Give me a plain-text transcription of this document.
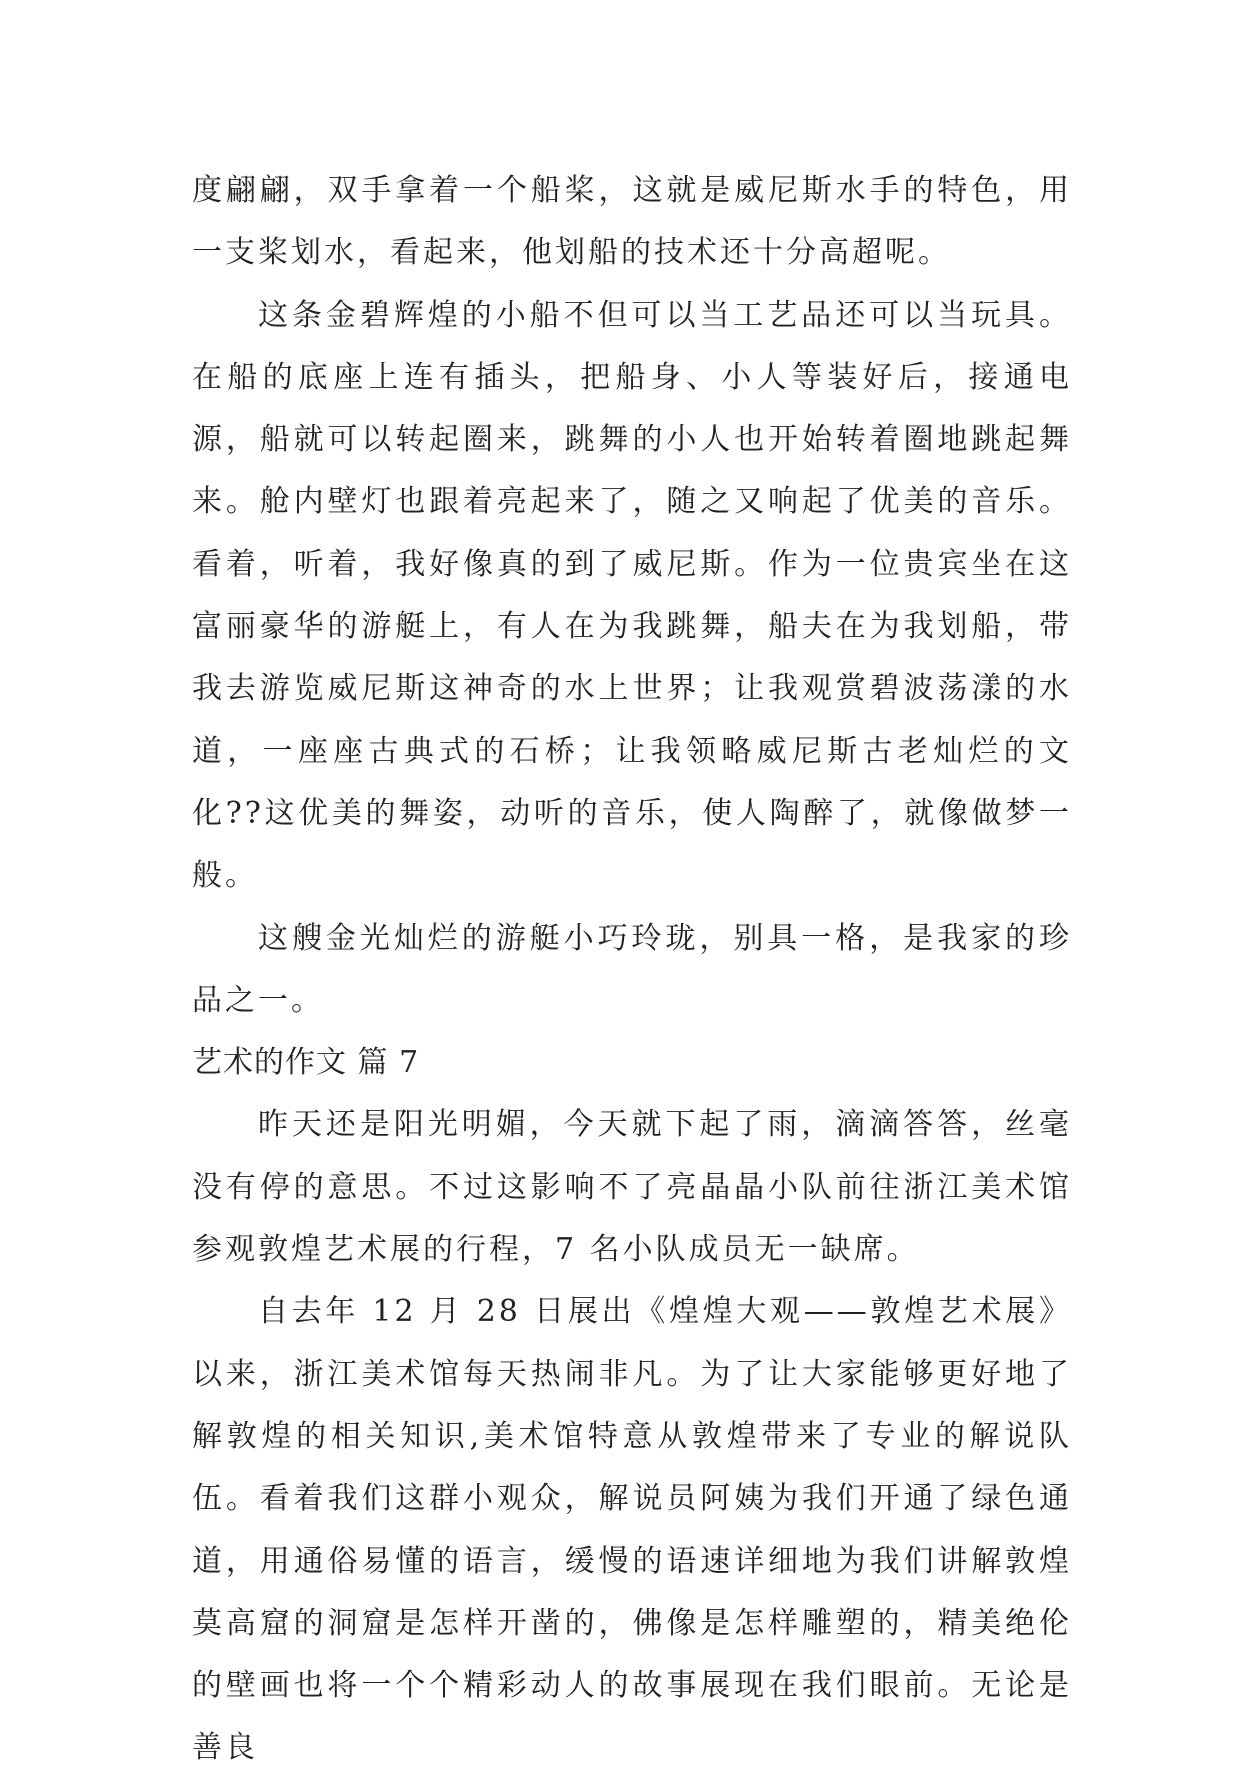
度翩翩，双手拿着一个船桨，这就是威尼斯水手的特色，用一支桨划水，看起来，他划船的技术还十分高超呢。

这条金碧辉煌的小船不但可以当工艺品还可以当玩具。在船的底座上连有插头，把船身、小人等装好后，接通电源，船就可以转起圈来，跳舞的小人也开始转着圈地跳起舞来。舱内壁灯也跟着亮起来了，随之又响起了优美的音乐。看着，听着，我好像真的到了威尼斯。作为一位贵宾坐在这富丽豪华的游艇上，有人在为我跳舞，船夫在为我划船，带我去游览威尼斯这神奇的水上世界；让我观赏碧波荡漾的水道，一座座古典式的石桥；让我领略威尼斯古老灿烂的文化??这优美的舞姿，动听的音乐，使人陶醉了，就像做梦一般。

这艘金光灿烂的游艇小巧玲珑，别具一格，是我家的珍品之一。

艺术的作文 篇 7

昨天还是阳光明媚，今天就下起了雨，滴滴答答，丝毫没有停的意思。不过这影响不了亮晶晶小队前往浙江美术馆参观敦煌艺术展的行程，7 名小队成员无一缺席。

自去年 12 月 28 日展出《煌煌大观——敦煌艺术展》以来，浙江美术馆每天热闹非凡。为了让大家能够更好地了解敦煌的相关知识,美术馆特意从敦煌带来了专业的解说队伍。看着我们这群小观众，解说员阿姨为我们开通了绿色通道，用通俗易懂的语言，缓慢的语速详细地为我们讲解敦煌莫高窟的洞窟是怎样开凿的，佛像是怎样雕塑的，精美绝伦的壁画也将一个个精彩动人的故事展现在我们眼前。无论是善良
